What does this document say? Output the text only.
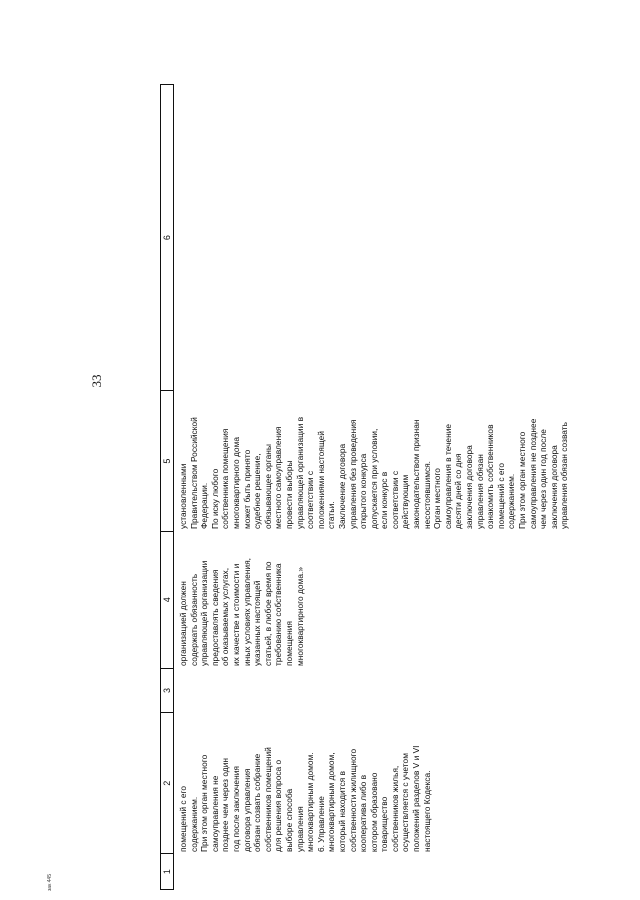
33
1
2
3
4
5
6
помещений с его
содержанием.
При этом орган местного
самоуправления не
позднее чем через один
год после заключения
договора управления
обязан созвать собрание
собственников помещений
для решения вопроса о
выборе способа
управления
многоквартирным домом.
6. Управление
многоквартирным домом,
который находится в
собственности жилищного
кооператива либо в
котором образовано
товарищество
собственников жилья,
осуществляется с учетом
положений разделов V и VI
настоящего Кодекса.
организацией должен
содержать обязанность
управляющей организации
предоставлять сведения
об оказываемых услугах,
их качестве и стоимости и
иных условиях управления,
указанных настоящей
статьей, в любое время по
требованию собственника
помещения
многоквартирного дома.»
установленными
Правительством Российской
Федерации.
По иску любого
собственника помещения
многоквартирного дома
может быть принято
судебное решение,
обязывающее органы
местного самоуправления
провести выборы
управляющей организации в
соответствии с
положениями настоящей
статьи.
Заключение договора
управления без проведения
открытого конкурса
допускается при условии,
если конкурс в
соответствии с
действующим
законодательством признан
несостоявшимся.
Орган местного
самоуправления в течение
десяти дней со дня
заключения договора
управления обязан
ознакомить собственников
помещений с его
содержанием.
При этом орган местного
самоуправления не позднее
чем через один год после
заключения договора
управления обязан созвать
зак 445
